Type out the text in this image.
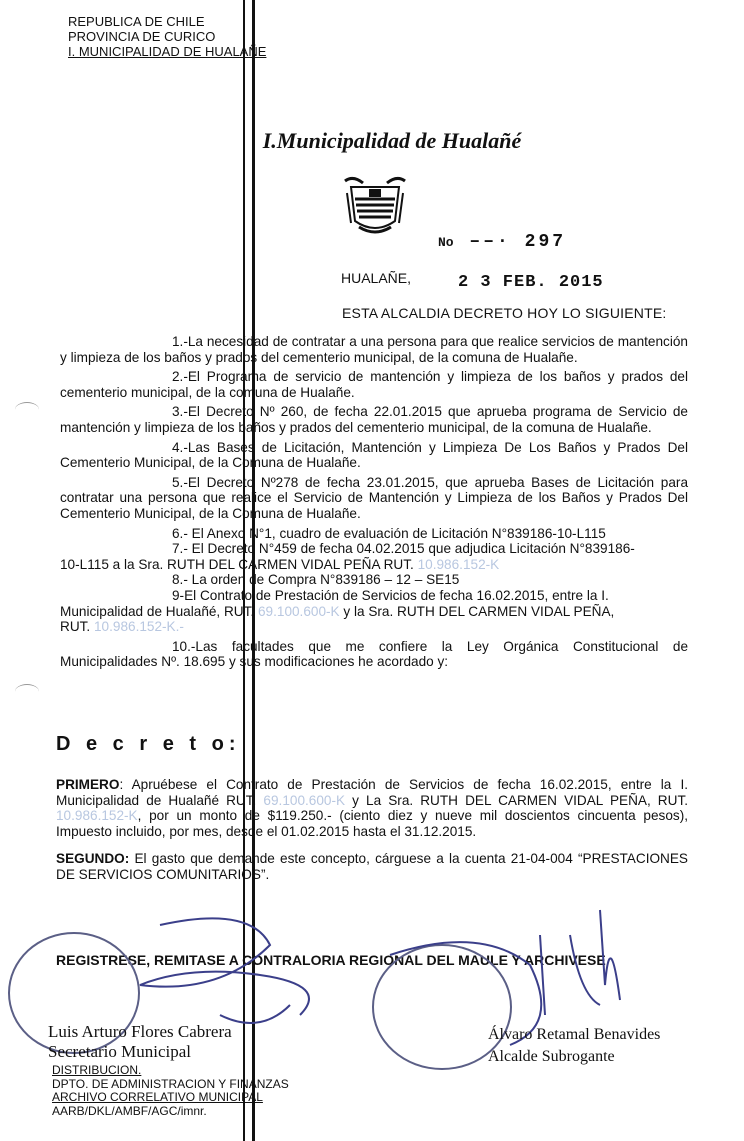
REPUBLICA DE CHILE
PROVINCIA DE CURICO
I. MUNICIPALIDAD DE HUALAÑE
I.Municipalidad de Hualañé
No ––· 297
HUALAÑE,	2 3 FEB. 2015
ESTA ALCALDIA DECRETO HOY LO SIGUIENTE:

1.-La necesidad de contratar a una persona para que realice servicios de mantención y limpieza de los baños y prados del cementerio municipal, de la comuna de Hualañe.

2.-El Programa de servicio de mantención y limpieza de los baños y prados del cementerio municipal, de la comuna de Hualañe.

3.-El Decreto Nº 260, de fecha 22.01.2015 que aprueba programa de Servicio de mantención y limpieza de los baños y prados del cementerio municipal, de la comuna de Hualañe.

4.-Las Bases de Licitación, Mantención y Limpieza De Los Baños y Prados Del Cementerio Municipal, de la Comuna de Hualañe.

5.-El Decreto Nº278 de fecha 23.01.2015, que aprueba Bases de Licitación para contratar una persona que realice el Servicio de Mantención y Limpieza de los Baños y Prados Del Cementerio Municipal, de la Comuna de Hualañe.

6.- El Anexo N°1, cuadro de evaluación de Licitación N°839186-10-L115

7.- El Decreto N°459 de fecha 04.02.2015 que adjudica Licitación N°839186-

10-L115 a la Sra. RUTH DEL CARMEN VIDAL PEÑA RUT. 10.986.152-K

8.- La orden de Compra N°839186 – 12 – SE15

9-El Contrato de Prestación de Servicios de fecha 16.02.2015, entre la I.

Municipalidad de Hualañé, RUT. 69.100.600-K y la Sra. RUTH DEL CARMEN VIDAL PEÑA,

RUT. 10.986.152-K.-

10.-Las facultades que me confiere la Ley Orgánica Constitucional de Municipalidades Nº. 18.695 y sus modificaciones he acordado y:

D e c r e t o:

PRIMERO: Apruébese el Contrato de Prestación de Servicios de fecha 16.02.2015, entre la I. Municipalidad de Hualañé RUT. 69.100.600-K y La Sra. RUTH DEL CARMEN VIDAL PEÑA, RUT. 10.986.152-K, por un monto de $119.250.- (ciento diez y nueve mil doscientos cincuenta pesos), Impuesto incluido, por mes, desde el 01.02.2015 hasta el 31.12.2015.

SEGUNDO: El gasto que demande este concepto, cárguese a la cuenta 21-04-004 “PRESTACIONES DE SERVICIOS COMUNITARIOS”.

REGISTRESE, REMITASE A CONTRALORIA REGIONAL DEL MAULE Y ARCHIVESE
Luis Arturo Flores Cabrera
Secretario Municipal
Álvaro Retamal Benavides
Alcalde Subrogante
DISTRIBUCION.
DPTO. DE ADMINISTRACION Y FINANZAS
ARCHIVO CORRELATIVO MUNICIPAL
AARB/DKL/AMBF/AGC/imnr.
